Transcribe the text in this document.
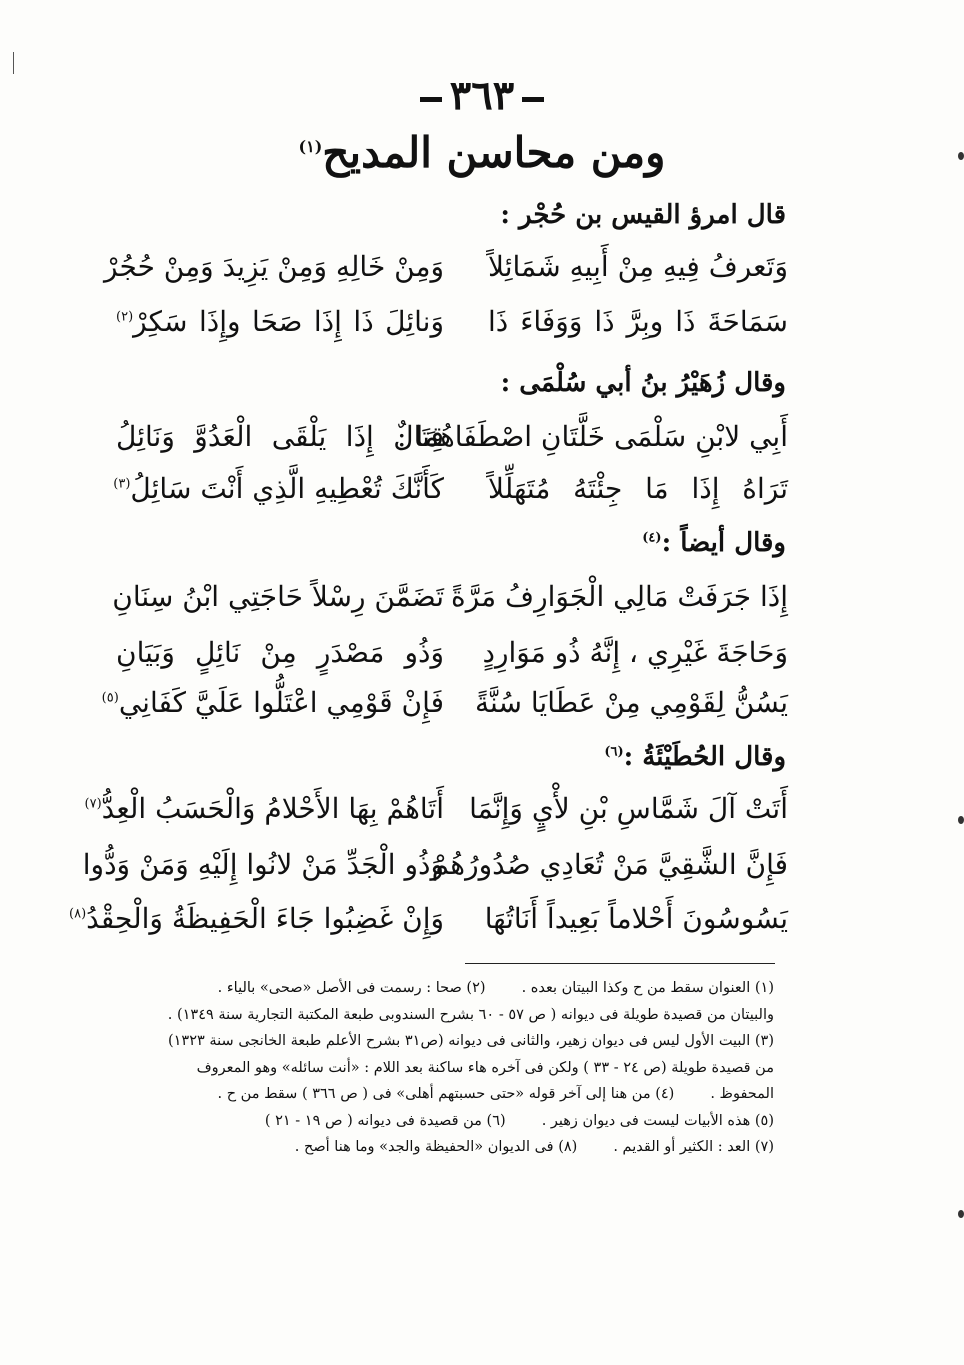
٣٦٣
ومن محاسن المديح$^{(١)}$
قال امرؤ القيس بن حُجْر :
وَتَعرفُ فِيهِ مِنْ أَبِيهِ شَمَائِلاً
وَمِنْ خَالِهِ وَمِنْ يَزِيدَ وَمِنْ حُجُرْ
سَمَاحَةَ ذَا وبِرَّ ذَا وَوَفَاءَ ذَا
وَنائِلَ ذَا إِذَا صَحَا وإِذَا سَكِرْ$^{(٢)}$
وقال زُهَيْرُ بنُ أبي سُلْمَى :
أَبِي لابْنِ سَلْمَى خَلَّتَانِ اصْطَفَاهُمَا :
قِتَالٌ إِذَا يَلْقَى الْعَدُوَّ وَنَائِلُ
تَرَاهُ إِذَا مَا جِئْتَهُ مُتَهَلِّلاً
كَأَنَّكَ تُعْطِيهِ الَّذِي أَنْتَ سَائِلُ$^{(٣)}$
وقال أيضاً :$^{(٤)}$
إِذَا جَرَفَتْ مَالِي الْجَوَارِفُ مَرَّةً
تَضَمَّنَ رِسْلاً حَاجَتِي ابْنُ سِنَانِ
وَحَاجَةَ غَيْرِي ، إِنَّهُ ذُو مَوَارِدٍ
وَذُو مَصْدَرٍ مِنْ نَائِلٍ وَبَيَانِ
يَسُنُّ لِقَوْمِي مِنْ عَطَايَا سُنَّةً
فَإِنْ قَوْمِي اعْتَلُّوا عَلَيَّ كَفَانِي$^{(٥)}$
وقال الحُطَيْئَةُ :$^{(٦)}$
أَتَتْ آلَ شَمَّاسِ بْنِ لأْيٍ وَإِنَّمَا
أَتَاهُمْ بِهَا الأَحْلامُ وَالْحَسَبُ الْعِدُّ$^{(٧)}$
فَإِنَّ الشَّقِيَّ مَنْ تُعَادِي صُدُورُهُمْ
وَذُو الْجَدِّ مَنْ لانُوا إِلَيْهِ وَمَنْ وَدُّوا
يَسُوسُونَ أَحْلاماً بَعِيداً أَنَاتُهَا
وَإِنْ غَضِبُوا جَاءَ الْحَفِيظَةُ وَالْحِقْدُ$^{(٨)}$
(١) العنوان سقط من ح وكذا البيتان بعده .(٢) صحا : رسمت فى الأصل «صحى» بالياء .
والبيتان من قصيدة طويلة فى ديوانه ( ص ٥٧ - ٦٠ بشرح السندوبى طبعة المكتبة التجارية سنة ١٣٤٩) .
(٣) البيت الأول ليس فى ديوان زهير، والثانى فى ديوانه (ص٣١ بشرح الأعلم طبعة الخانجى سنة ١٣٢٣)
من قصيدة طويلة (ص ٢٤ - ٣٣ ) ولكن فى آخره هاء ساكنة بعد اللام : «أنت سائله» وهو المعروف
المحفوظ .(٤) من هنا إلى آخر قوله «حتى حسبتهم أهلى» فى ( ص ٣٦٦ ) سقط من ح .
(٥) هذه الأبيات ليست فى ديوان زهير .(٦) من قصيدة فى ديوانه ( ص ١٩ - ٢١ )
(٧) العد : الكثير أو القديم .(٨) فى الديوان «الحفيظة والجد» وما هنا أصح .
